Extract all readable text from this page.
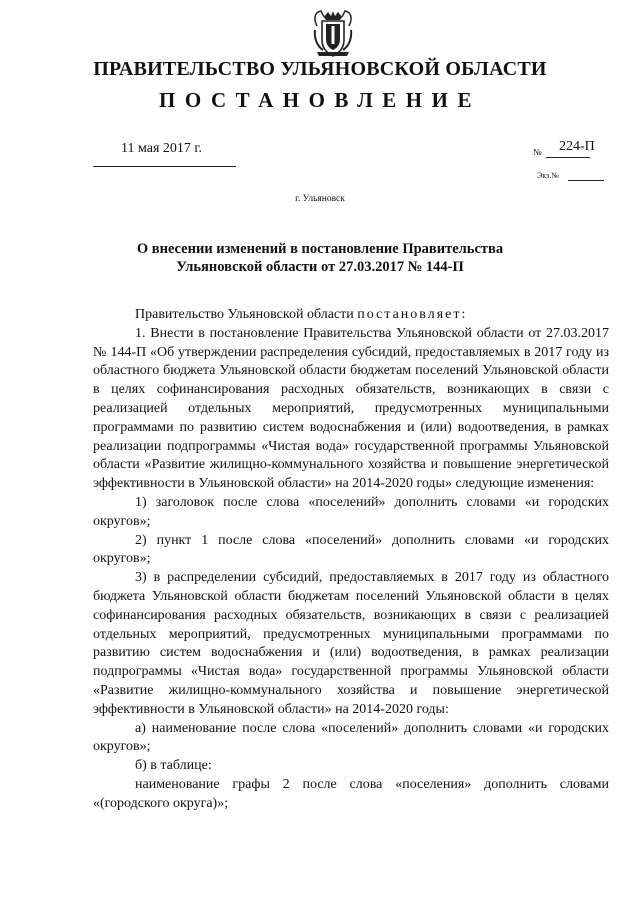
ПРАВИТЕЛЬСТВО УЛЬЯНОВСКОЙ ОБЛАСТИ
ПОСТАНОВЛЕНИЕ
11 мая 2017 г.	№ 224-П
Экз.№
г. Ульяновск
О внесении изменений в постановление Правительства
Ульяновской области от 27.03.2017 № 144-П

Правительство Ульяновской области постановляет:

1. Внести в постановление Правительства Ульяновской области от 27.03.2017 № 144-П «Об утверждении распределения субсидий, предоставляемых в 2017 году из областного бюджета Ульяновской области бюджетам поселений Ульяновской области в целях софинансирования расходных обязательств, возникающих в связи с реализацией отдельных мероприятий, предусмотренных муниципальными программами по развитию систем водоснабжения и (или) водоотведения, в рамках реализации подпрограммы «Чистая вода» государственной программы Ульяновской области «Развитие жилищно-коммунального хозяйства и повышение энергетической эффективности в Ульяновской области» на 2014-2020 годы» следующие изменения:

1) заголовок после слова «поселений» дополнить словами «и городских округов»;

2) пункт 1 после слова «поселений» дополнить словами «и городских округов»;

3) в распределении субсидий, предоставляемых в 2017 году из областного бюджета Ульяновской области бюджетам поселений Ульяновской области в целях софинансирования расходных обязательств, возникающих в связи с реализацией отдельных мероприятий, предусмотренных муниципальными программами по развитию систем водоснабжения и (или) водоотведения, в рамках реализации подпрограммы «Чистая вода» государственной программы Ульяновской области «Развитие жилищно-коммунального хозяйства и повышение энергетической эффективности в Ульяновской области» на 2014-2020 годы:

а) наименование после слова «поселений» дополнить словами «и городских округов»;

б) в таблице:

наименование графы 2 после слова «поселения» дополнить словами «(городского округа)»;
